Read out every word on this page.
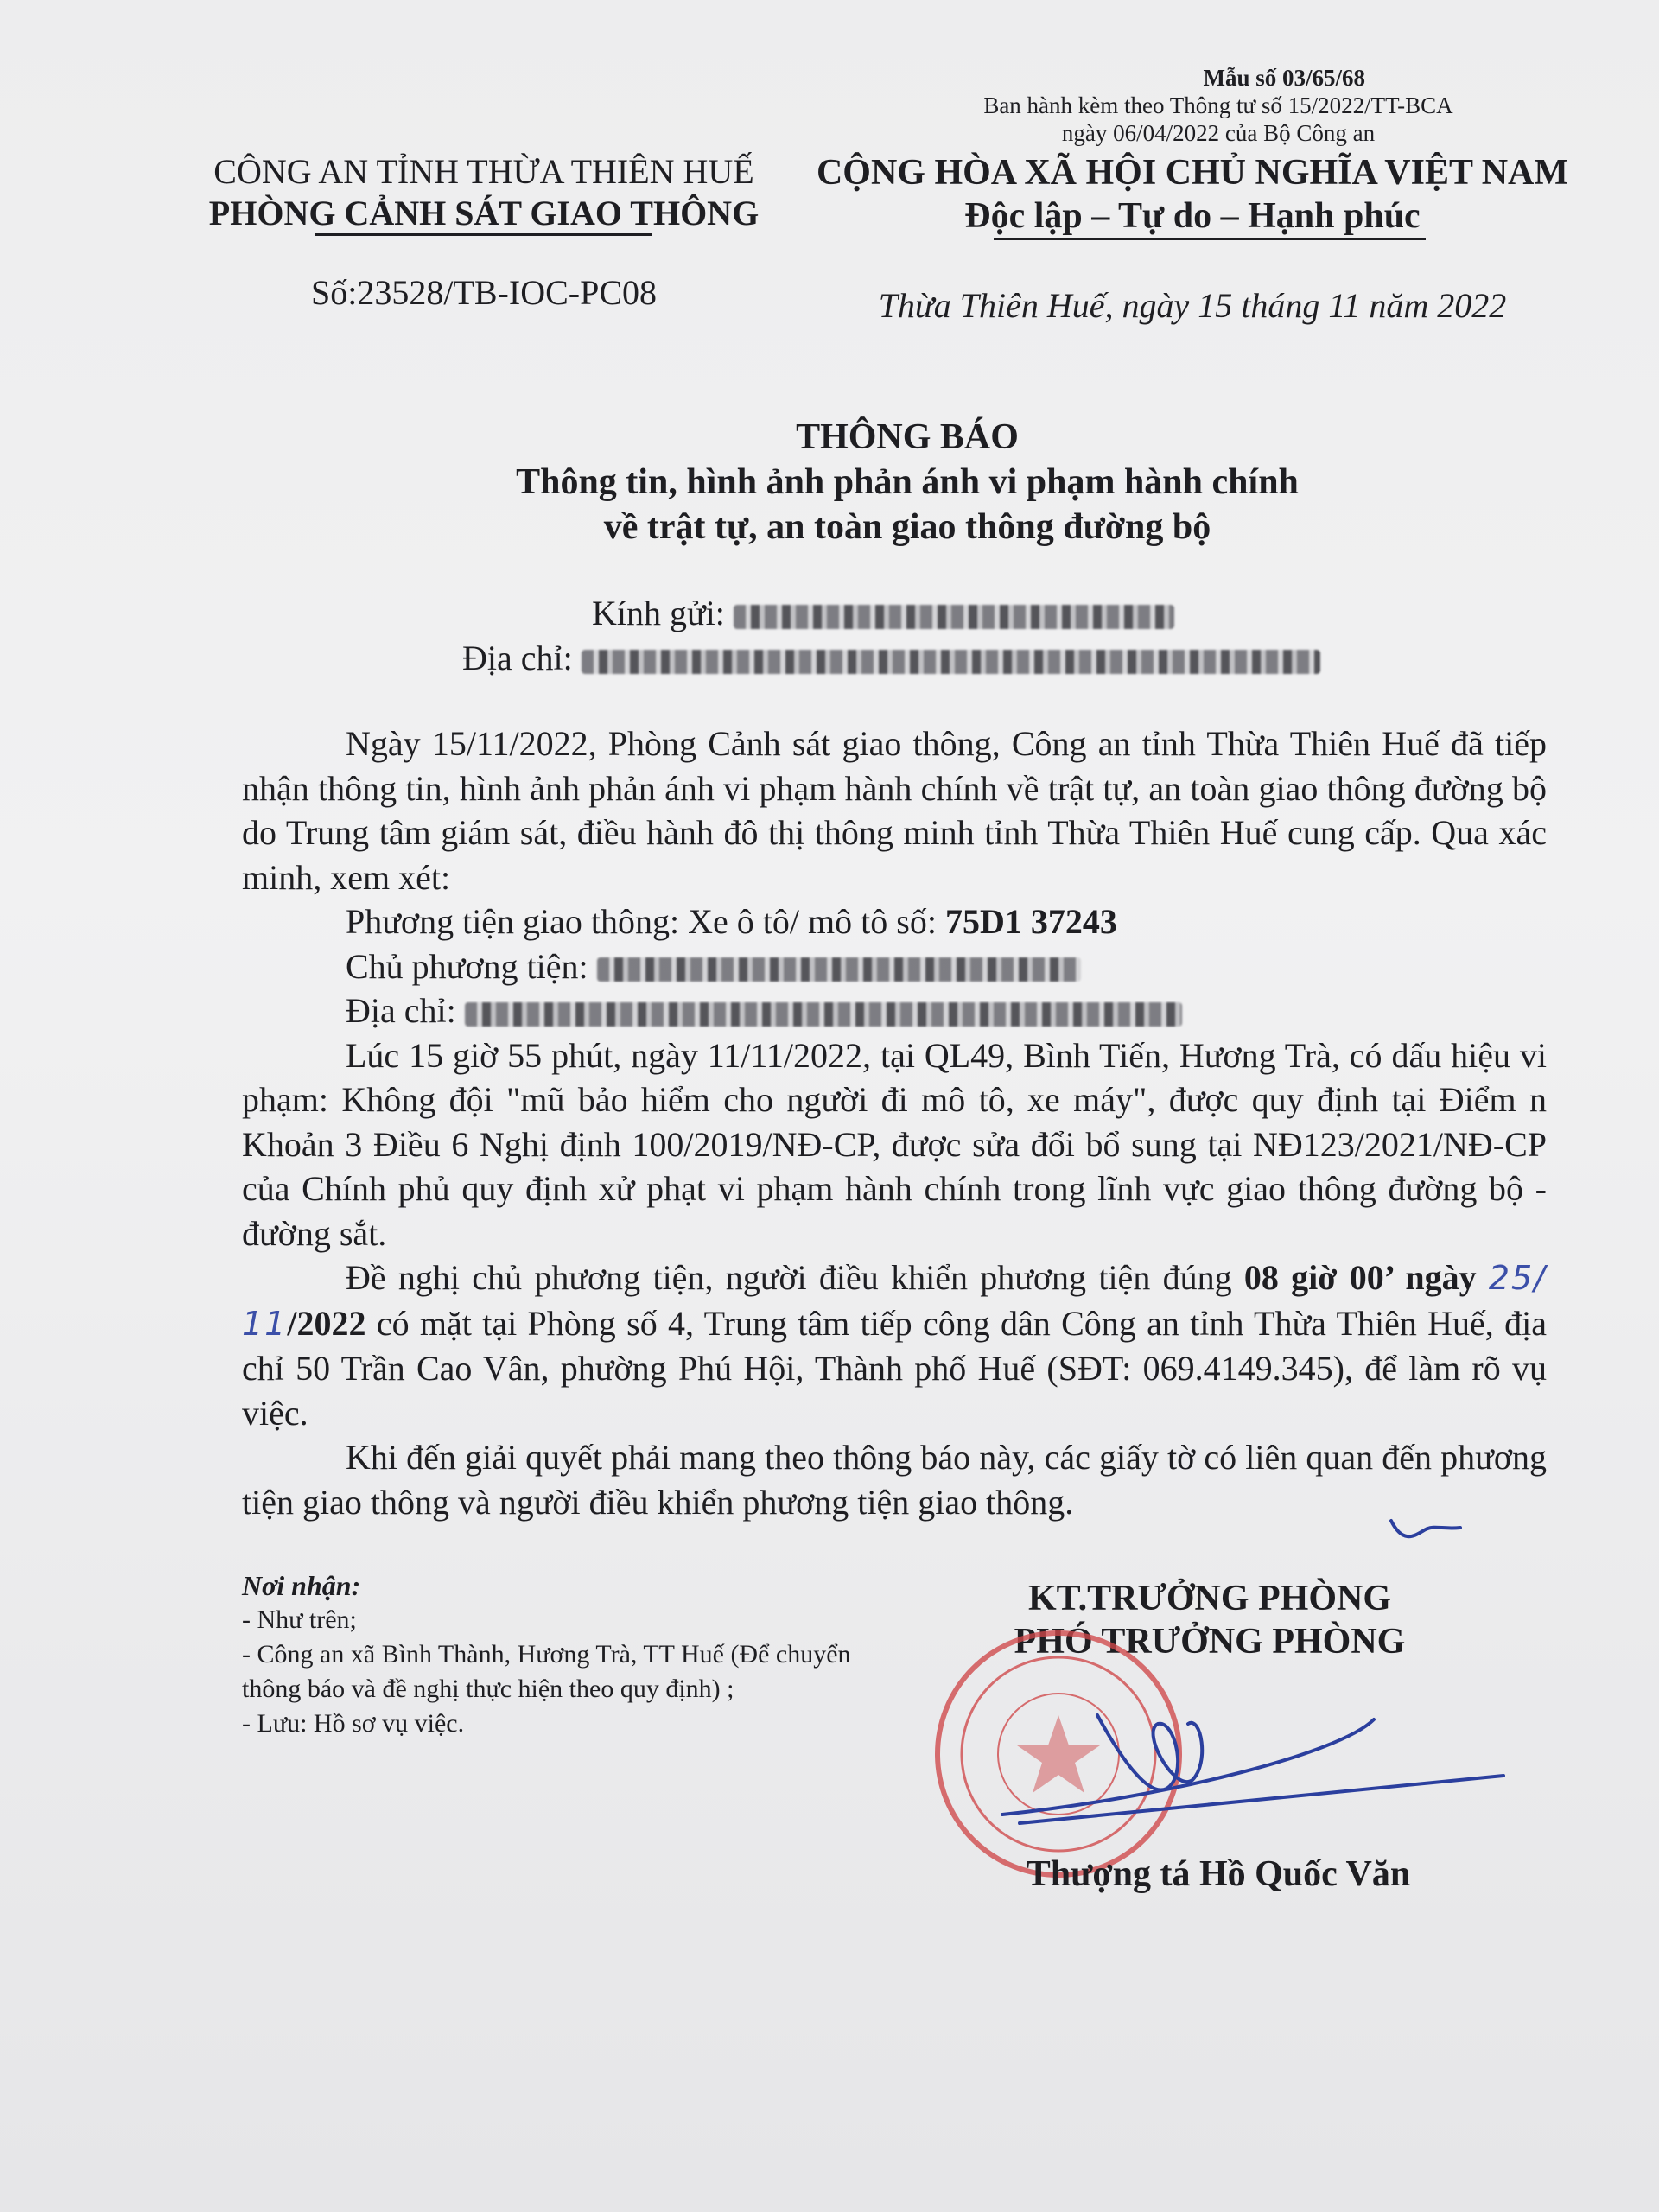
Mẫu số 03/65/68
Ban hành kèm theo Thông tư số 15/2022/TT-BCA
ngày 06/04/2022 của Bộ Công an
CÔNG AN TỈNH THỪA THIÊN HUẾ
PHÒNG CẢNH SÁT GIAO THÔNG
CỘNG HÒA XÃ HỘI CHỦ NGHĨA VIỆT NAM
Độc lập – Tự do – Hạnh phúc
Số:23528/TB-IOC-PC08	Thừa Thiên Huế, ngày 15 tháng 11 năm 2022
THÔNG BÁO
Thông tin, hình ảnh phản ánh vi phạm hành chính
về trật tự, an toàn giao thông đường bộ
Kính gửi:
Địa chỉ:

Ngày 15/11/2022, Phòng Cảnh sát giao thông, Công an tỉnh Thừa Thiên Huế đã tiếp nhận thông tin, hình ảnh phản ánh vi phạm hành chính về trật tự, an toàn giao thông đường bộ do Trung tâm giám sát, điều hành đô thị thông minh tỉnh Thừa Thiên Huế cung cấp. Qua xác minh, xem xét:

Phương tiện giao thông: Xe ô tô/ mô tô số: 75D1 37243
Chủ phương tiện:
Địa chỉ:

Lúc 15 giờ 55 phút, ngày 11/11/2022, tại QL49, Bình Tiến, Hương Trà, có dấu hiệu vi phạm: Không đội "mũ bảo hiểm cho người đi mô tô, xe máy", được quy định tại Điểm n Khoản 3 Điều 6 Nghị định 100/2019/NĐ-CP, được sửa đổi bổ sung tại NĐ123/2021/NĐ-CP của Chính phủ quy định xử phạt vi phạm hành chính trong lĩnh vực giao thông đường bộ - đường sắt.

Đề nghị chủ phương tiện, người điều khiển phương tiện đúng 08 giờ 00’ ngày 25/ 11/2022 có mặt tại Phòng số 4, Trung tâm tiếp công dân Công an tỉnh Thừa Thiên Huế, địa chỉ 50 Trần Cao Vân, phường Phú Hội, Thành phố Huế (SĐT: 069.4149.345), để làm rõ vụ việc.

Khi đến giải quyết phải mang theo thông báo này, các giấy tờ có liên quan đến phương tiện giao thông và người điều khiển phương tiện giao thông.

Nơi nhận:
- Như trên;
- Công an xã Bình Thành, Hương Trà, TT Huế (Để chuyển thông báo và đề nghị thực hiện theo quy định) ;
- Lưu: Hồ sơ vụ việc.
KT.TRƯỞNG PHÒNG
PHÓ TRƯỞNG PHÒNG
Thượng tá Hồ Quốc Văn
